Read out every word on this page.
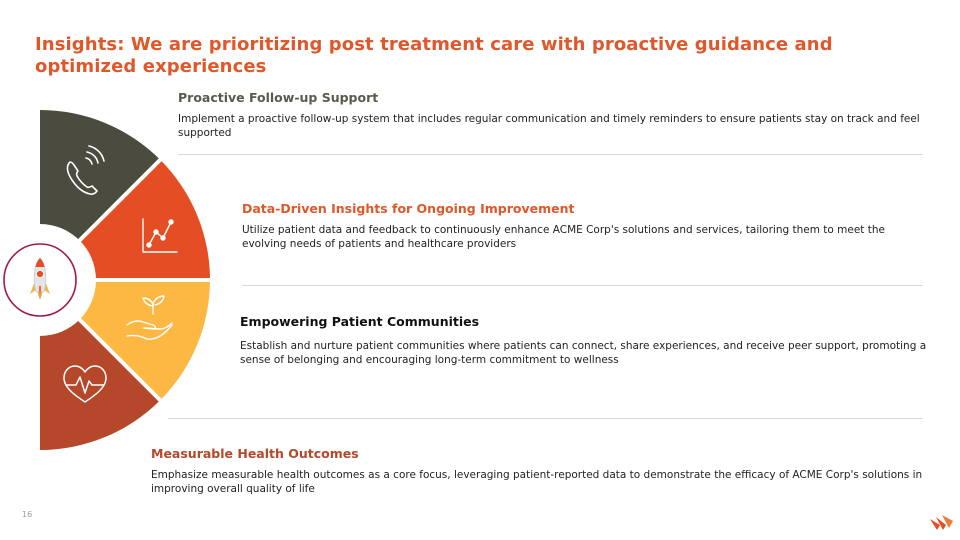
Insights: We are prioritizing post treatment care with proactive guidance and optimized experiences
Proactive Follow-up Support
Implement a proactive follow-up system that includes regular communication and timely reminders to ensure patients stay on track and feel supported
Data-Driven Insights for Ongoing Improvement
Utilize patient data and feedback to continuously enhance ACME Corp's solutions and services, tailoring them to meet the evolving needs of patients and healthcare providers
Empowering Patient Communities
Establish and nurture patient communities where patients can connect, share experiences, and receive peer support, promoting a sense of belonging and encouraging long-term commitment to wellness
Measurable Health Outcomes
Emphasize measurable health outcomes as a core focus, leveraging patient-reported data to demonstrate the efficacy of ACME Corp's solutions in improving overall quality of life
16
